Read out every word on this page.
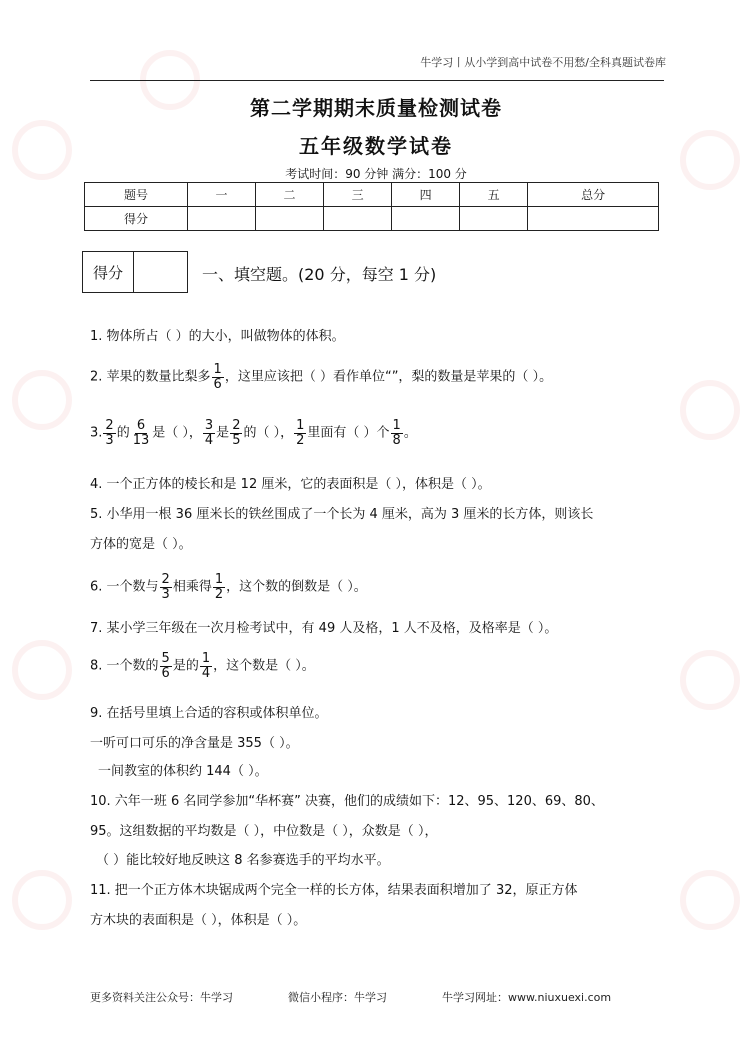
牛学习丨从小学到高中试卷不用愁/全科真题试卷库
第二学期期末质量检测试卷
五年级数学试卷
考试时间：90 分钟 满分：100 分
题号	一	二	三	四	五	总分
得分						
得分	一、填空题。(20 分，每空 1 分)
1. 物体所占（ ）的大小，叫做物体的体积。
2. 苹果的数量比梨多 $\frac{1}{6}$ ，这里应该把（ ）看作单位“”，梨的数量是苹果的（ ）。
3. $\frac{2}{3}$ 的 $\frac{6}{13}$ 是（ ）， $\frac{3}{4}$ 是 $\frac{2}{5}$ 的（ ）， $\frac{1}{2}$ 里面有（ ）个 $\frac{1}{8}$ 。
4. 一个正方体的棱长和是 12 厘米，它的表面积是（ ），体积是（ ）。
5. 小华用一根 36 厘米长的铁丝围成了一个长为 4 厘米，高为 3 厘米的长方体，则该长
方体的宽是（ ）。
6. 一个数与 $\frac{2}{3}$ 相乘得 $\frac{1}{2}$ ，这个数的倒数是（ ）。
7. 某小学三年级在一次月检考试中，有 49 人及格，1 人不及格，及格率是（ ）。
8. 一个数的 $\frac{5}{6}$ 是的 $\frac{1}{4}$ ，这个数是（ ）。
9. 在括号里填上合适的容积或体积单位。
一听可口可乐的净含量是 355（ ）。
一间教室的体积约 144（ ）。
10. 六年一班 6 名同学参加“华杯赛” 决赛，他们的成绩如下：12、95、120、69、80、
95。这组数据的平均数是（ ），中位数是（ ），众数是（ ），
（ ）能比较好地反映这 8 名参赛选手的平均水平。
11. 把一个正方体木块锯成两个完全一样的长方体，结果表面积增加了 32，原正方体
方木块的表面积是（ ），体积是（ ）。
更多资料关注公众号：牛学习	微信小程序：牛学习	牛学习网址：www.niuxuexi.com
